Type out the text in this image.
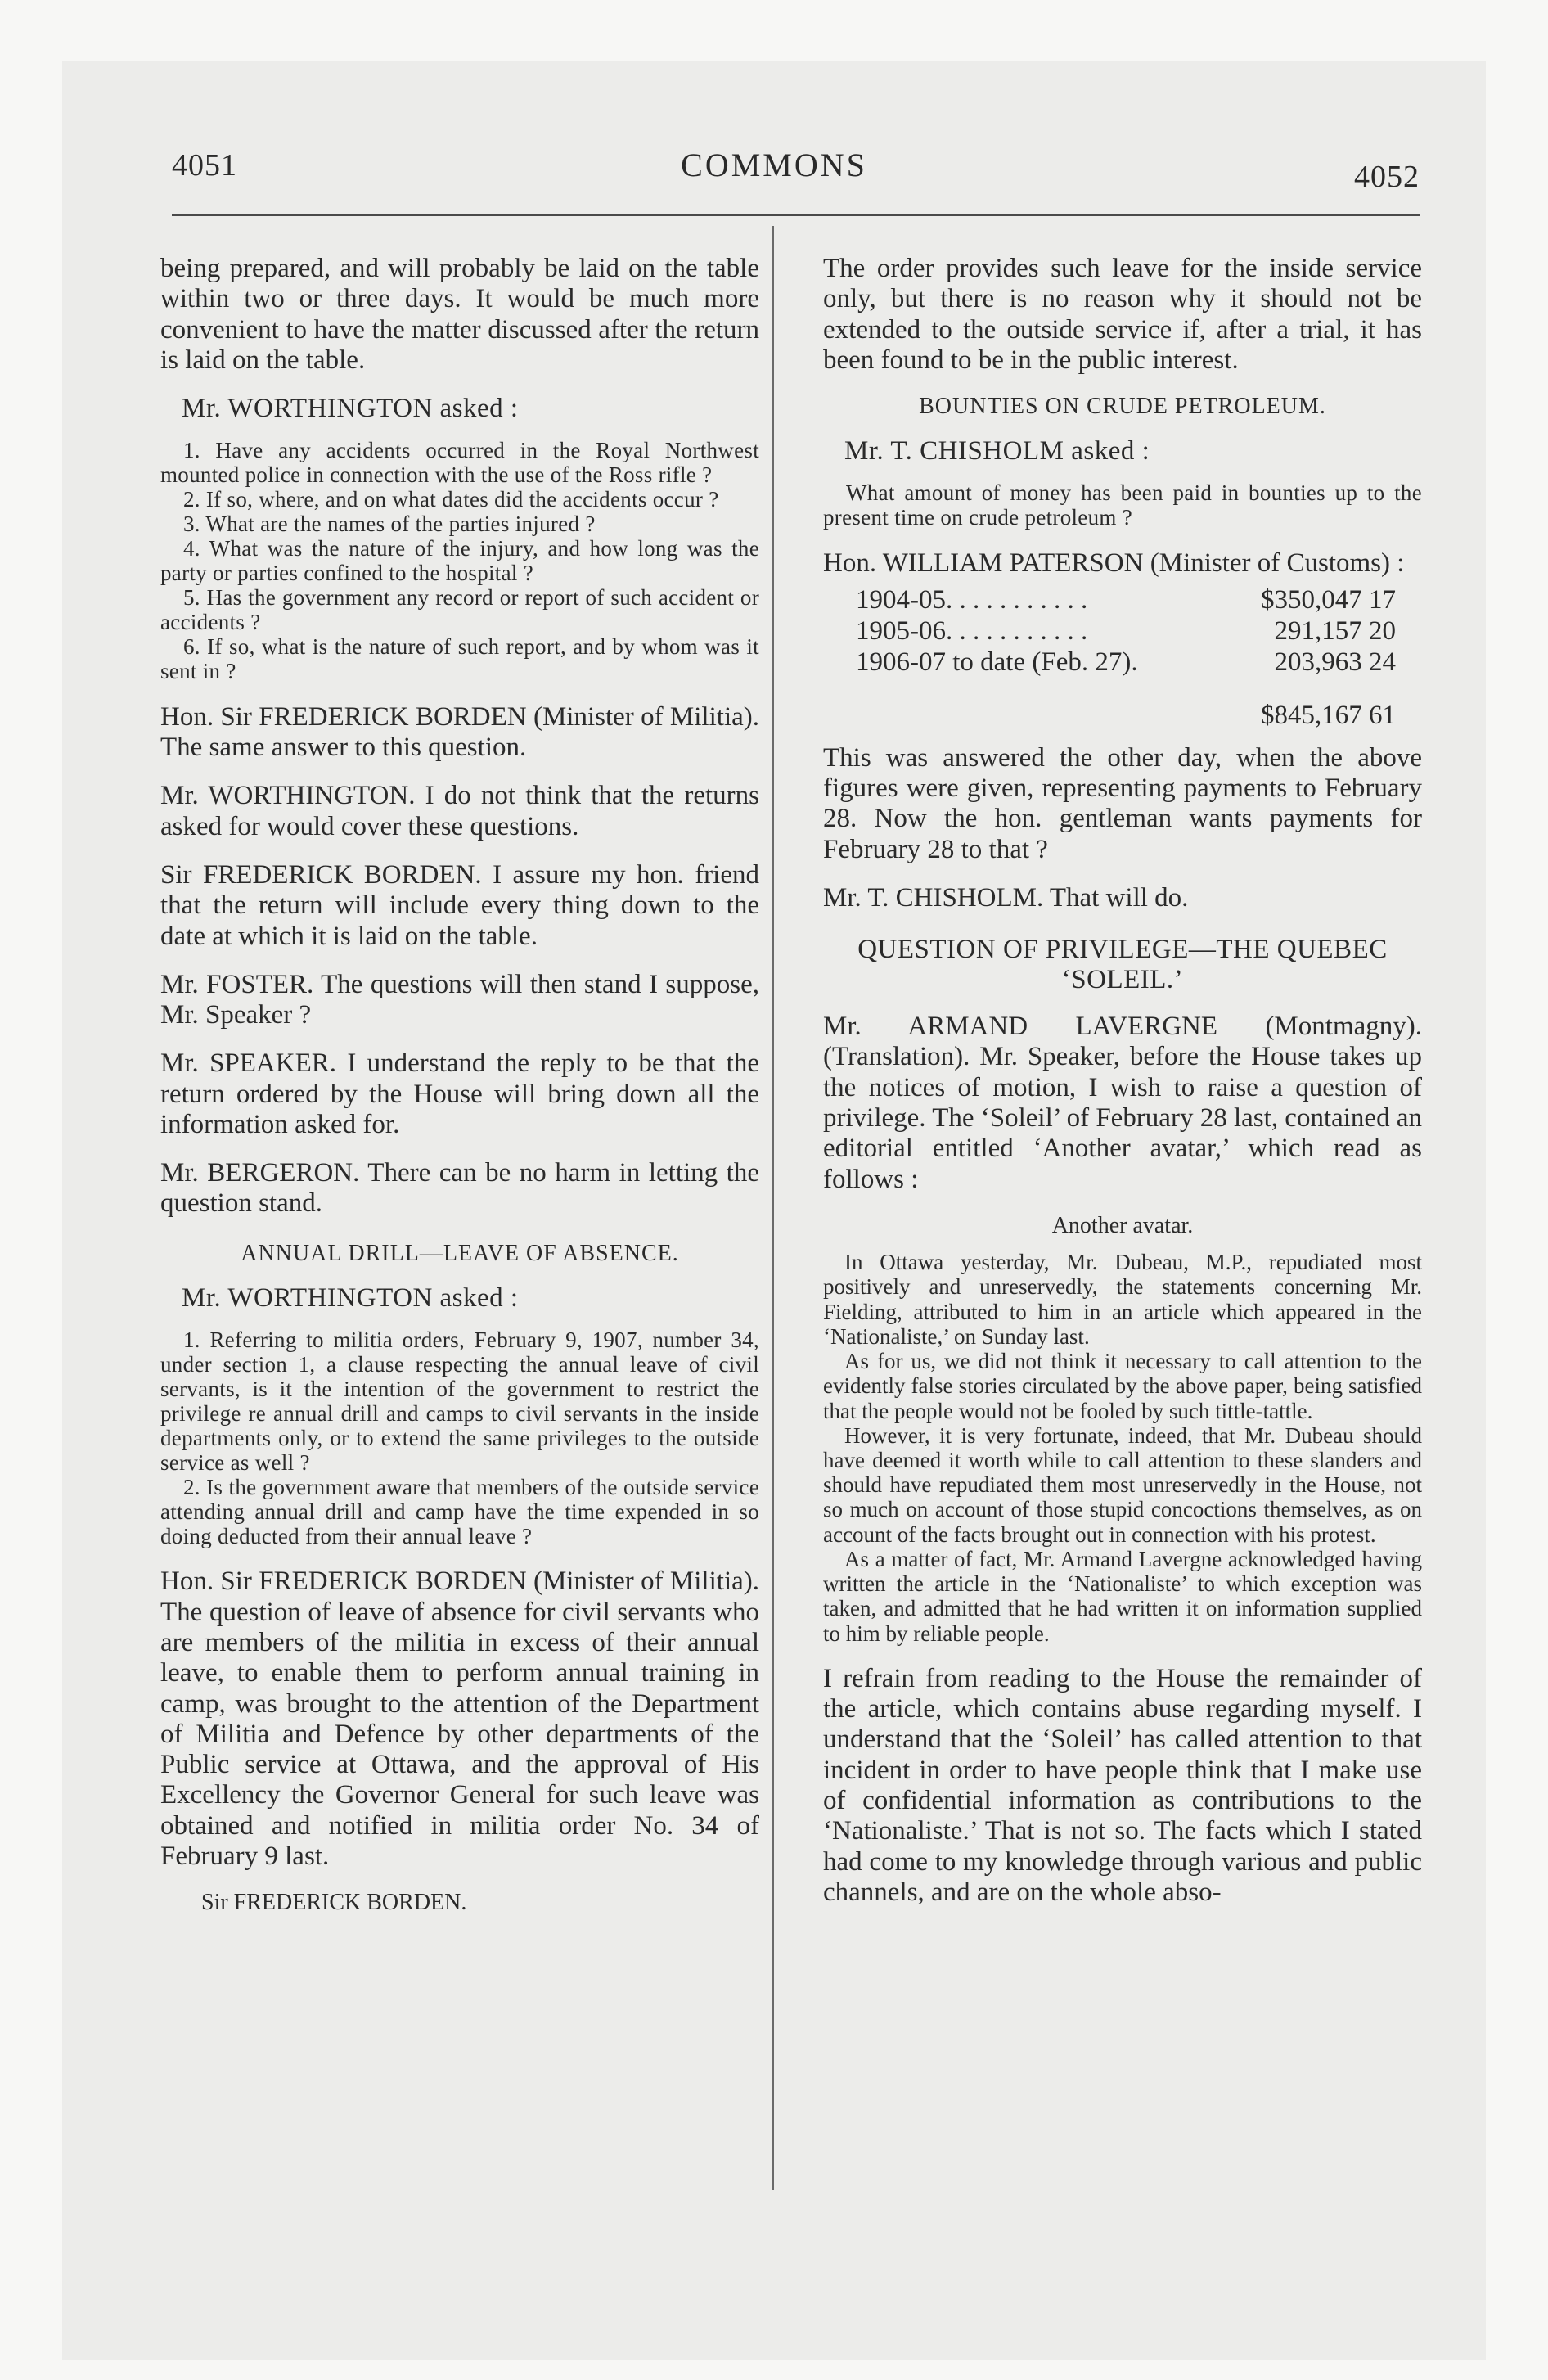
4051	COMMONS	4052

being prepared, and will probably be laid on the table within two or three days. It would be much more convenient to have the matter discussed after the return is laid on the table.

Mr. WORTHINGTON asked :

1. Have any accidents occurred in the Royal Northwest mounted police in connection with the use of the Ross rifle ?

2. If so, where, and on what dates did the accidents occur ?

3. What are the names of the parties injured ?

4. What was the nature of the injury, and how long was the party or parties confined to the hospital ?

5. Has the government any record or report of such accident or accidents ?

6. If so, what is the nature of such report, and by whom was it sent in ?

Hon. Sir FREDERICK BORDEN (Minister of Militia). The same answer to this question.

Mr. WORTHINGTON. I do not think that the returns asked for would cover these questions.

Sir FREDERICK BORDEN. I assure my hon. friend that the return will include every thing down to the date at which it is laid on the table.

Mr. FOSTER. The questions will then stand I suppose, Mr. Speaker ?

Mr. SPEAKER. I understand the reply to be that the return ordered by the House will bring down all the information asked for.

Mr. BERGERON. There can be no harm in letting the question stand.

ANNUAL DRILL—LEAVE OF ABSENCE.

Mr. WORTHINGTON asked :

1. Referring to militia orders, February 9, 1907, number 34, under section 1, a clause respecting the annual leave of civil servants, is it the intention of the government to restrict the privilege re annual drill and camps to civil servants in the inside departments only, or to extend the same privileges to the outside service as well ?

2. Is the government aware that members of the outside service attending annual drill and camp have the time expended in so doing deducted from their annual leave ?

Hon. Sir FREDERICK BORDEN (Minister of Militia). The question of leave of absence for civil servants who are members of the militia in excess of their annual leave, to enable them to perform annual training in camp, was brought to the attention of the Department of Militia and Defence by other departments of the Public service at Ottawa, and the approval of His Excellency the Governor General for such leave was obtained and notified in militia order No. 34 of February 9 last.

Sir FREDERICK BORDEN.

The order provides such leave for the inside service only, but there is no reason why it should not be extended to the outside service if, after a trial, it has been found to be in the public interest.

BOUNTIES ON CRUDE PETROLEUM.

Mr. T. CHISHOLM asked :

What amount of money has been paid in bounties up to the present time on crude petroleum ?

Hon. WILLIAM PATERSON (Minister of Customs) :

1904-05. . . . . . . . . . .	$350,047 17
1905-06. . . . . . . . . . .	291,157 20
1906-07 to date (Feb. 27).	203,963 24
$845,167 61

This was answered the other day, when the above figures were given, representing payments to February 28. Now the hon. gentleman wants payments for February 28 to that ?

Mr. T. CHISHOLM. That will do.

QUESTION OF PRIVILEGE—THE QUEBEC ‘SOLEIL.’

Mr. ARMAND LAVERGNE (Montmagny). (Translation). Mr. Speaker, before the House takes up the notices of motion, I wish to raise a question of privilege. The ‘Soleil’ of February 28 last, contained an editorial entitled ‘Another avatar,’ which read as follows :

Another avatar.

In Ottawa yesterday, Mr. Dubeau, M.P., repudiated most positively and unreservedly, the statements concerning Mr. Fielding, attributed to him in an article which appeared in the ‘Nationaliste,’ on Sunday last.

As for us, we did not think it necessary to call attention to the evidently false stories circulated by the above paper, being satisfied that the people would not be fooled by such tittle-tattle.

However, it is very fortunate, indeed, that Mr. Dubeau should have deemed it worth while to call attention to these slanders and should have repudiated them most unreservedly in the House, not so much on account of those stupid concoctions themselves, as on account of the facts brought out in connection with his protest.

As a matter of fact, Mr. Armand Lavergne acknowledged having written the article in the ‘Nationaliste’ to which exception was taken, and admitted that he had written it on information supplied to him by reliable people.

I refrain from reading to the House the remainder of the article, which contains abuse regarding myself. I understand that the ‘Soleil’ has called attention to that incident in order to have people think that I make use of confidential information as contributions to the ‘Nationaliste.’ That is not so. The facts which I stated had come to my knowledge through various and public channels, and are on the whole abso-
